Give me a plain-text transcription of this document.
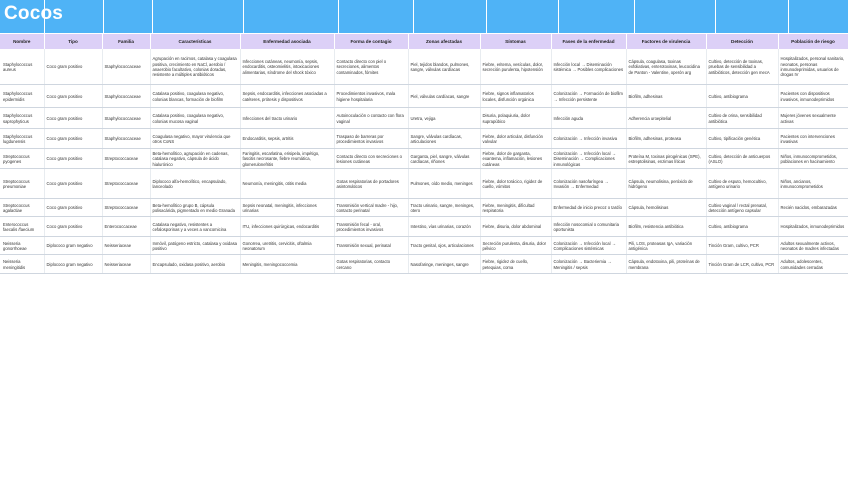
Cocos
Nombre	Tipo	Familia	Características	Enfermedad asociada	Forma de contagio	Zonas afectadas	Síntomas	Fases de la enfermedad	Factores de virulencia	Detección	Población de riesgo
Staphylococcus aureus	Coco gram positivo	Staphylococcaceae	Agrupación en racimos, catalasa y coagulasa positiva, crecimiento en NaCl, aerobio / anaerobio facultativo, colonias doradas, resistente a múltiples antibióticos	Infecciones cutáneas, neumonía, sepsis, endocarditis, osteomielitis, intoxicaciones alimentarias, síndrome del shock tóxico	Contacto directo con piel o secreciones, alimentos contaminados, fómites	Piel, tejidos blandos, pulmones, sangre, válvulas cardíacas	Fiebre, eritema, vesículas, dolor, secreción purulenta, hipotensión	Infección local → Diseminación sistémica → Posibles complicaciones	Cápsula, coagulasa, toxinas exfoliativas, enterotoxinas, leucocidina de Panton - Valentine, operón arg	Cultivo, detección de toxinas, pruebas de sensibilidad a antibióticos, detección gen mecA	Hospitalizados, personal sanitario, neonatos, personas inmunodeprimidas, usuarios de drogas IV
Staphylococcus epidermidis	Coco gram positivo	Staphylococcaceae	Catalasa positivo, coagulasa negativo, colonias blancas, formación de biofilm	Sepsis, endocarditis, infecciones asociadas a catéteres, prótesis y dispositivos	Procedimientos invasivos, mala higiene hospitalaria	Piel, válvulas cardíacas, sangre	Fiebre, signos inflamatorios locales, disfunción orgánica	Colonización → Formación de biofilm → Infección persistente	Biofilm, adhesinas	Cultivo, antibiograma	Pacientes con dispositivos invasivos, inmunodeprimidos
Staphylococcus saprophyticus	Coco gram positivo	Staphylococcaceae	Catalasa positivo, coagulasa negativo, colonias mucosa vaginal	Infecciones del tracto urinario	Autoinoculación o contacto con flora vaginal	Uretra, vejiga	Disuria, polaquiuria, dolor suprapúbico	Infección aguda	Adherencia uroepitelial	Cultivo de orina, sensibilidad antibiótica	Mujeres jóvenes sexualmente activas
Staphylococcus lugdunensis	Coco gram positivo	Staphylococcaceae	Coagulasa negativo, mayor virulencia que otros CoNS	Endocarditis, sepsis, artritis	Traspaso de barreras por procedimientos invasivos	Sangre, válvulas cardíacas, articulaciones	Fiebre, dolor articular, disfunción valvular	Colonización → Infección invasiva	Biofilm, adhesinas, proteasa	Cultivo, tipificación genética	Pacientes con intervenciones invasivas
Streptococcus pyogenes	Coco gram positivo	Streptococcaceae	Beta-hemolítico, agrupación en cadenas, catalasa negativo, cápsula de ácido hialurónico	Faringitis, escarlatina, erisipela, impétigo, fascitis necrosante, fiebre reumática, glomerulonefritis	Contacto directo con secreciones o lesiones cutáneas	Garganta, piel, sangre, válvulas cardíacas, riñones	Fiebre, dolor de garganta, exantema, inflamación, lesiones cutáneas	Colonización → Infección local → Diseminación → Complicaciones inmunológicas	Proteína M, toxinas pirogénicas (SPE), estreptolisinas, enzimas líticas	Cultivo, detección de anticuerpos (ASLO)	Niños, inmunocomprometidos, poblaciones en hacinamiento
Streptococcus pneumoniae	Coco gram positivo	Streptococcaceae	Diplococo alfa-hemolítico, encapsulado, lanceolado	Neumonía, meningitis, otitis media	Gotas respiratorias de portadores asintomáticos	Pulmones, oído medio, meninges	Fiebre, dolor torácico, rigidez de cuello, vómitos	Colonización nasofaríngea → Invasión → Enfermedad	Cápsula, neumolisina, peróxido de hidrógeno	Cultivo de esputo, hemocultivo, antígeno urinario	Niños, ancianos, inmunocomprometidos
Streptococcus agalactiae	Coco gram positivo	Streptococcaceae	Beta-hemolítico grupo B, cápsula polisacárida, pigmentado en medio Granada	Sepsis neonatal, meningitis, infecciones urinarias	Transmisión vertical madre - hijo, contacto perinatal	Tracto urinario, sangre, meninges, otero	Fiebre, meningitis, dificultad respiratoria	Enfermedad de inicio precoz o tardío	Cápsula, hemolisinas	Cultivo vaginal / rectal prenatal, detección antígeno capsular	Recién nacidos, embarazadas
Enterococcus faecalis /faecium	Coco gram positivo	Enterococcaceae	Catalasa negativo, resistentes a cefalosporinas y a veces a vancomicina	ITU, infecciones quirúrgicas, endocarditis	Transmisión fecal - oral, procedimientos invasivos	Intestino, vías urinarias, corazón	Fiebre, disuria, dolor abdominal	Infección nosocomial o comunitaria oportunista	Biofilm, resistencia antibiótica	Cultivo, antibiograma	Hospitalizados, inmunodeprimidos
Neisseria gonorrhoeae	Diplococo gram negativo	Neisseriaceae	Inmóvil, patógeno estricto, catalasa y oxidasa positivo	Gonorrea, uretritis, cervicitis, oftalmia neonatorum	Transmisión sexual, perinatal	Tracto genital, ojos, articulaciones	Secreción purulenta, disuria, dolor pélvico	Colonización → Infección local → Complicaciones sistémicas	Pili, LOS, proteasas IgA, variación antigénica	Tinción Gram, cultivo, PCR	Adultos sexualmente activos, neonatos de madres infectadas
Neisseria meningitidis	Diplococo gram negativo	Neisseriaceae	Encapsulado, oxidasa positivo, aerobio	Meningitis, meningococcemia	Gotas respiratorias, contacto cercano	Nasofaringe, meninges, sangre	Fiebre, rigidez de cuello, petequias, coma	Colonización → Bacteriemia → Meningitis / sepsis	Cápsula, endotoxina, pili, proteínas de membrana	Tinción Gram de LCR, cultivo, PCR	Adultos, adolescentes, comunidades cerradas
